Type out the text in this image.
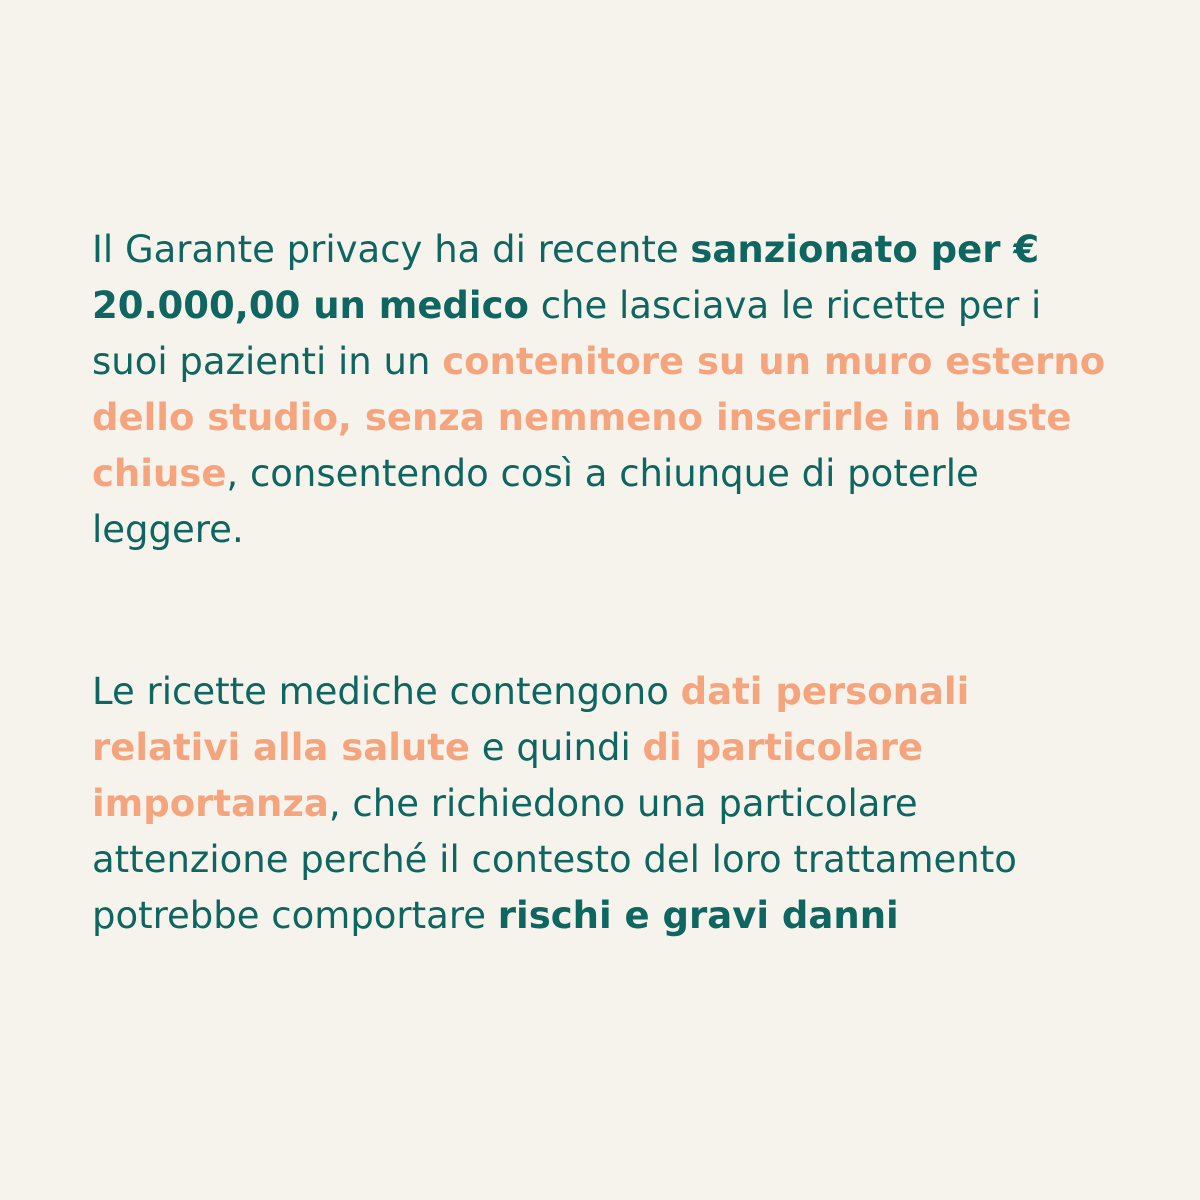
Il Garante privacy ha di recente sanzionato per € 20.000,00 un medico che lasciava le ricette per i suoi pazienti in un contenitore su un muro esterno dello studio, senza nemmeno inserirle in buste chiuse, consentendo così a chiunque di poterle leggere.

Le ricette mediche contengono dati personali relativi alla salute e quindi di particolare importanza, che richiedono una particolare attenzione perché il contesto del loro trattamento potrebbe comportare rischi e gravi danni
